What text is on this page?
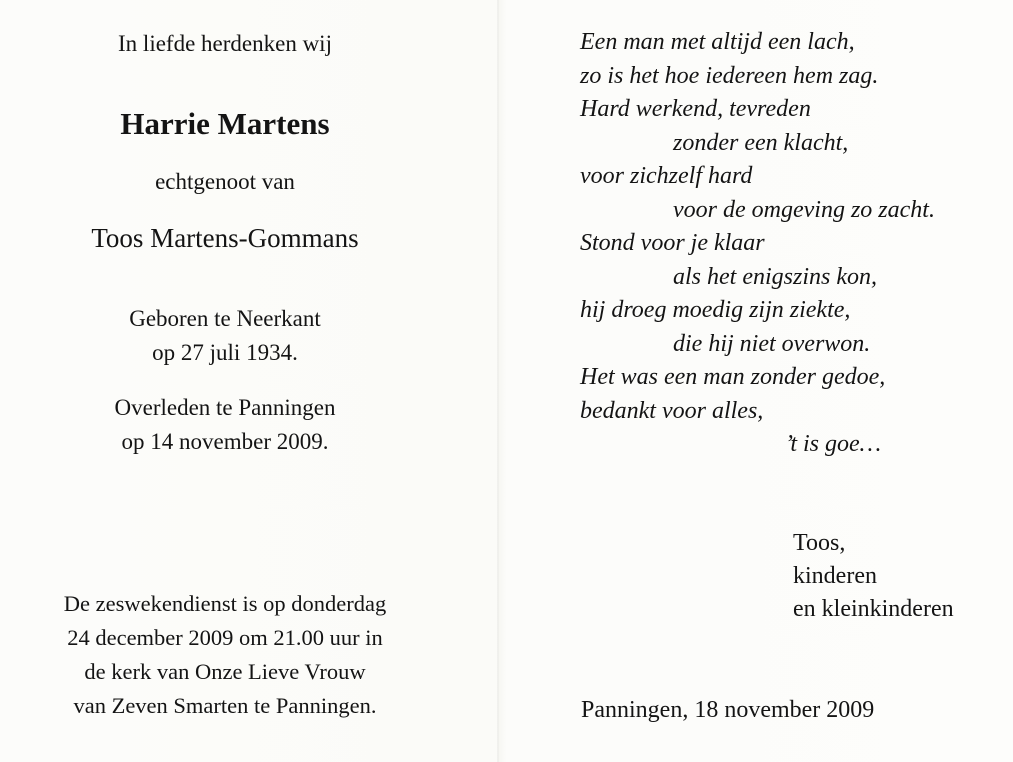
In liefde herdenken wij
Harrie Martens
echtgenoot van
Toos Martens-Gommans
Geboren te Neerkant
op 27 juli 1934.
Overleden te Panningen
op 14 november 2009.
De zeswekendienst is op donderdag
24 december 2009 om 21.00 uur in
de kerk van Onze Lieve Vrouw
van Zeven Smarten te Panningen.
Een man met altijd een lach,
zo is het hoe iedereen hem zag.
Hard werkend, tevreden
zonder een klacht,
voor zichzelf hard
voor de omgeving zo zacht.
Stond voor je klaar
als het enigszins kon,
hij droeg moedig zijn ziekte,
die hij niet overwon.
Het was een man zonder gedoe,
bedankt voor alles,
’t is goe…
Toos,
kinderen
en kleinkinderen
Panningen, 18 november 2009
